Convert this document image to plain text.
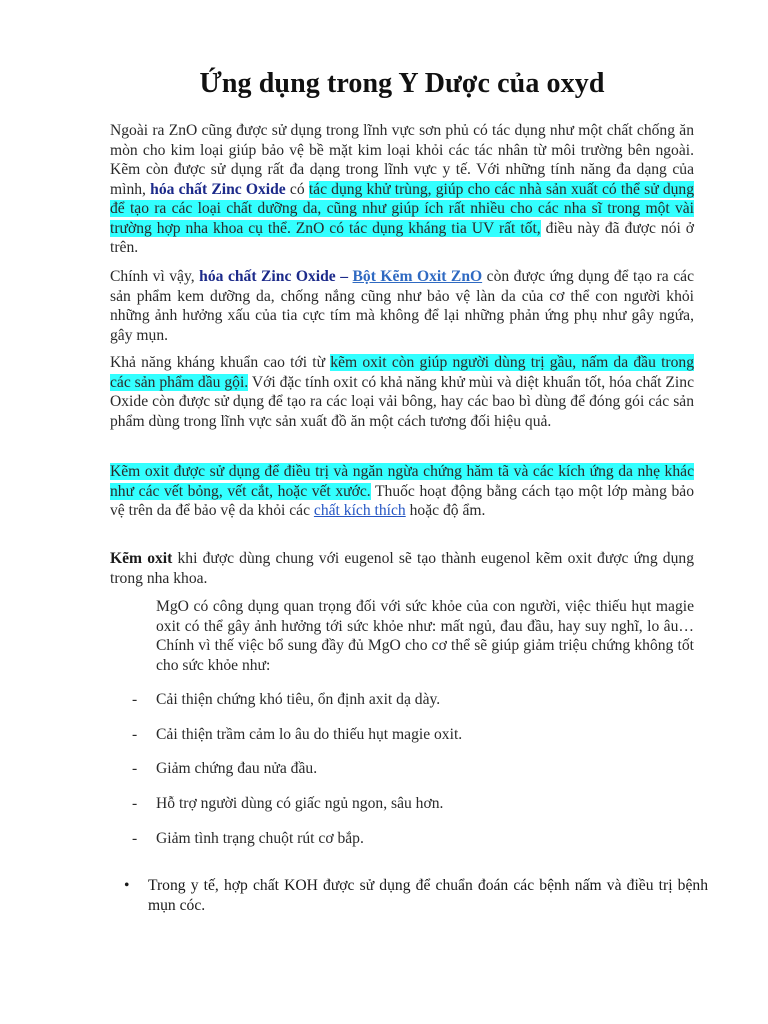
Ứng dụng trong Y Dược của oxyd

Ngoài ra ZnO cũng được sử dụng trong lĩnh vực sơn phủ có tác dụng như một chất chống ăn mòn cho kim loại giúp bảo vệ bề mặt kim loại khỏi các tác nhân từ môi trường bên ngoài. Kẽm còn được sử dụng rất đa dạng trong lĩnh vực y tế. Với những tính năng đa dạng của mình, hóa chất Zinc Oxide có tác dụng khử trùng, giúp cho các nhà sản xuất có thể sử dụng để tạo ra các loại chất dưỡng da, cũng như giúp ích rất nhiều cho các nha sĩ trong một vài trường hợp nha khoa cụ thể. ZnO có tác dụng kháng tia UV rất tốt, điều này đã được nói ở trên.

Chính vì vậy, hóa chất Zinc Oxide – Bột Kẽm Oxit ZnO còn được ứng dụng để tạo ra các sản phẩm kem dưỡng da, chống nắng cũng như bảo vệ làn da của cơ thể con người khỏi những ảnh hưởng xấu của tia cực tím mà không để lại những phản ứng phụ như gây ngứa, gây mụn.

Khả năng kháng khuẩn cao tới từ kẽm oxit còn giúp người dùng trị gầu, nấm da đầu trong các sản phẩm dầu gội. Với đặc tính oxit có khả năng khử mùi và diệt khuẩn tốt, hóa chất Zinc Oxide còn được sử dụng để tạo ra các loại vải bông, hay các bao bì dùng để đóng gói các sản phẩm dùng trong lĩnh vực sản xuất đồ ăn một cách tương đối hiệu quả.

Kẽm oxit được sử dụng để điều trị và ngăn ngừa chứng hăm tã và các kích ứng da nhẹ khác như các vết bỏng, vết cắt, hoặc vết xước. Thuốc hoạt động bằng cách tạo một lớp màng bảo vệ trên da để bảo vệ da khỏi các chất kích thích hoặc độ ẩm.

Kẽm oxit khi được dùng chung với eugenol sẽ tạo thành eugenol kẽm oxit được ứng dụng trong nha khoa.

MgO có công dụng quan trọng đối với sức khỏe của con người, việc thiếu hụt magie oxit có thể gây ảnh hưởng tới sức khỏe như: mất ngủ, đau đầu, hay suy nghĩ, lo âu… Chính vì thế việc bổ sung đầy đủ MgO cho cơ thể sẽ giúp giảm triệu chứng không tốt cho sức khỏe như:

- Cải thiện chứng khó tiêu, ổn định axit dạ dày.
- Cải thiện trầm cảm lo âu do thiếu hụt magie oxit.
- Giảm chứng đau nửa đầu.
- Hỗ trợ người dùng có giấc ngủ ngon, sâu hơn.
- Giảm tình trạng chuột rút cơ bắp.
• Trong y tế, hợp chất KOH được sử dụng để chuẩn đoán các bệnh nấm và điều trị bệnh mụn cóc.
